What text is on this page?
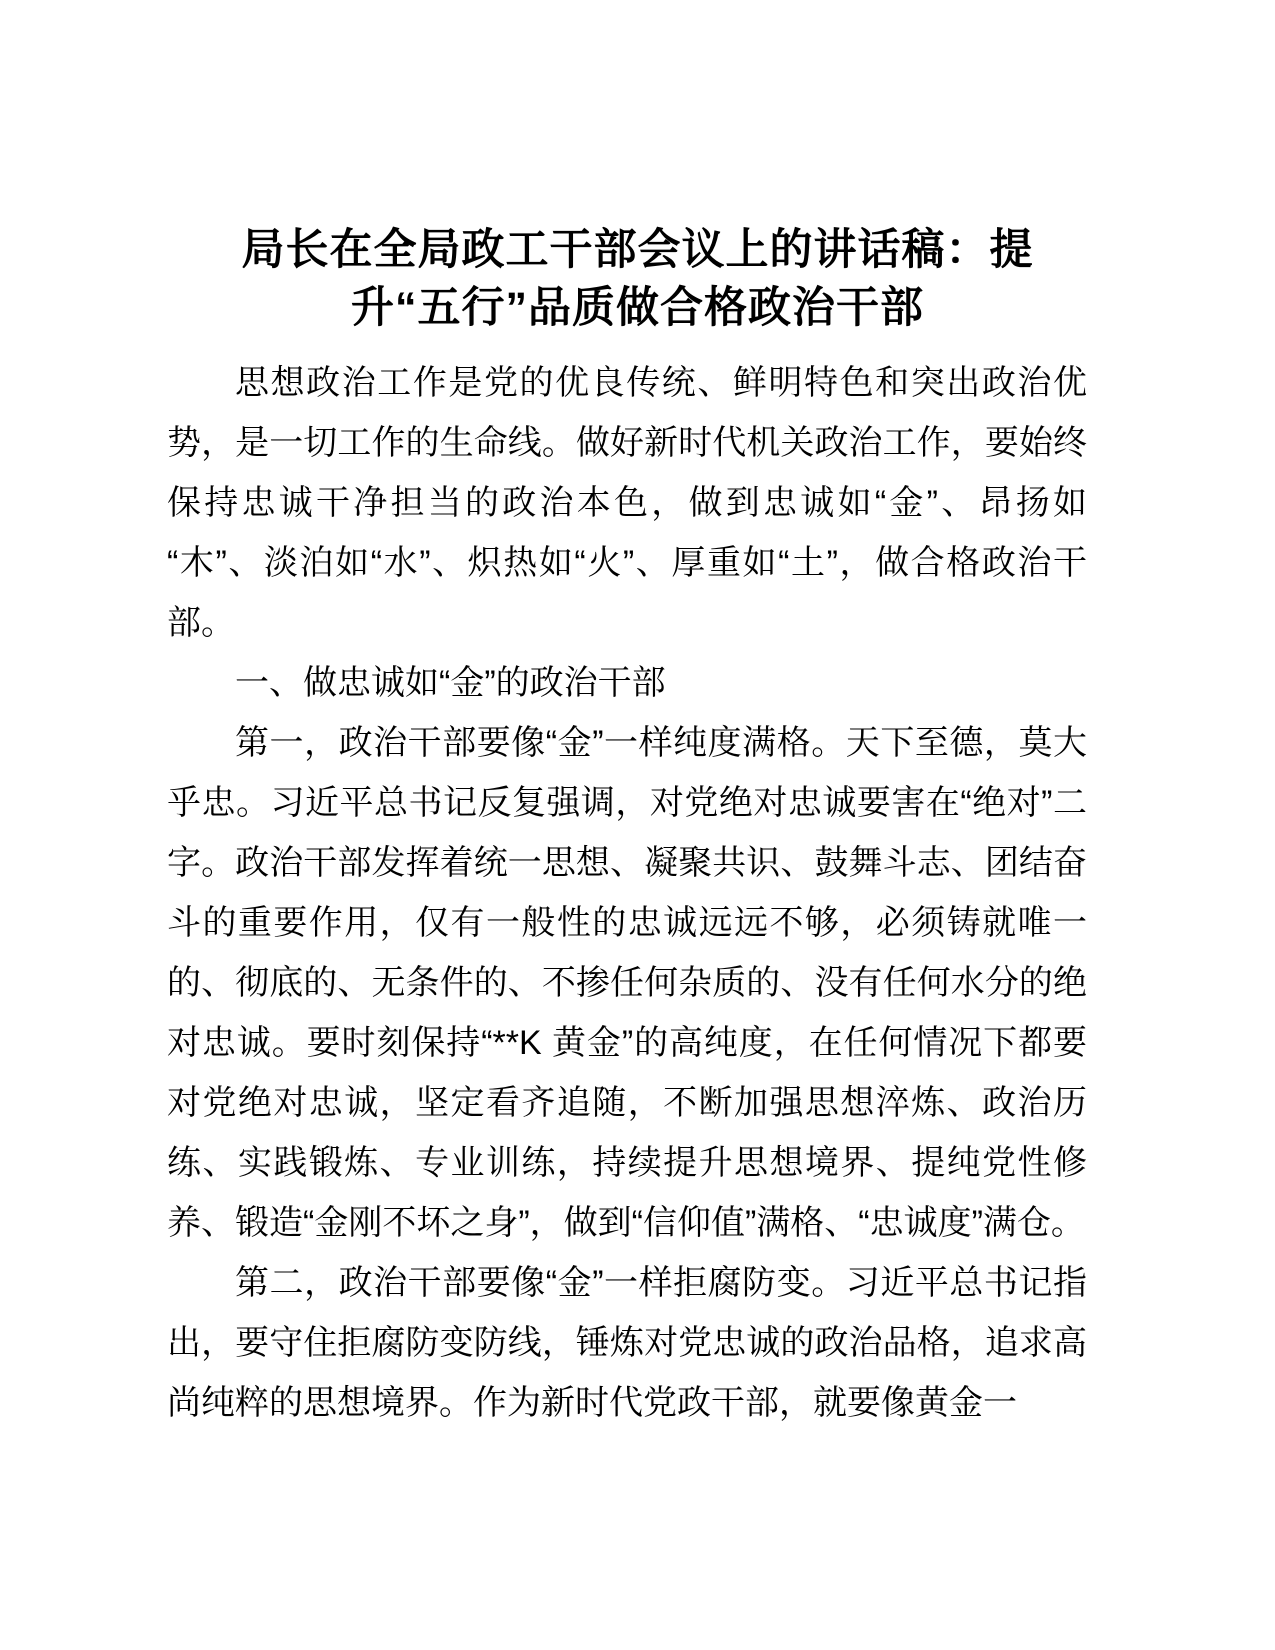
局长在全局政工干部会议上的讲话稿：提
升“五行”品质做合格政治干部

思想政治工作是党的优良传统、鲜明特色和突出政治优势，是一切工作的生命线。做好新时代机关政治工作，要始终保持忠诚干净担当的政治本色，做到忠诚如“金”、昂扬如“木”、淡泊如“水”、炽热如“火”、厚重如“土”，做合格政治干部。

一、做忠诚如“金”的政治干部

第一，政治干部要像“金”一样纯度满格。天下至德，莫大乎忠。习近平总书记反复强调，对党绝对忠诚要害在“绝对”二字。政治干部发挥着统一思想、凝聚共识、鼓舞斗志、团结奋斗的重要作用，仅有一般性的忠诚远远不够，必须铸就唯一的、彻底的、无条件的、不掺任何杂质的、没有任何水分的绝对忠诚。要时刻保持“**K 黄金”的高纯度，在任何情况下都要对党绝对忠诚，坚定看齐追随，不断加强思想淬炼、政治历练、实践锻炼、专业训练，持续提升思想境界、提纯党性修养、锻造“金刚不坏之身”，做到“信仰值”满格、“忠诚度”满仓。

第二，政治干部要像“金”一样拒腐防变。习近平总书记指出，要守住拒腐防变防线，锤炼对党忠诚的政治品格，追求高尚纯粹的思想境界。作为新时代党政干部，就要像黄金一
